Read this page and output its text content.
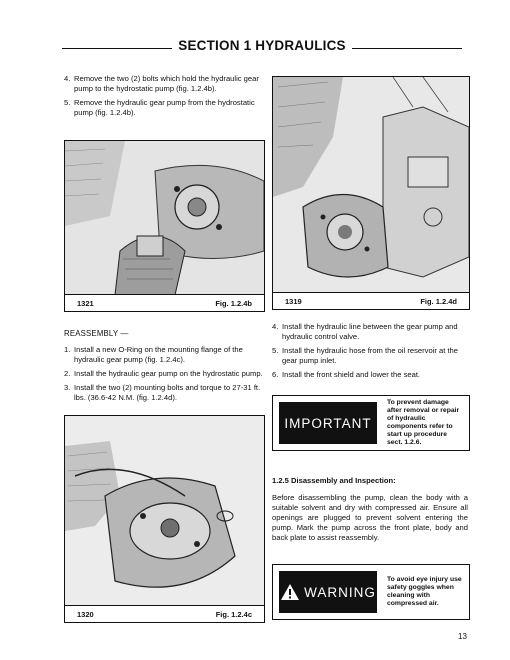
SECTION 1 HYDRAULICS
4. Remove the two (2) bolts which hold the hydraulic gear pump to the hydrostatic pump (fig. 1.2.4b).
5. Remove the hydraulic gear pump from the hydrostatic pump (fig. 1.2.4b).
1321	Fig. 1.2.4b	1319	Fig. 1.2.4d
REASSEMBLY —
1. Install a new O-Ring on the mounting flange of the hydraulic gear pump (fig. 1.2.4c).
2. Install the hydraulic gear pump on the hydrostatic pump.
3. Install the two (2) mounting bolts and torque to 27-31 ft. lbs. (36.6-42 N.M. (fig. 1.2.4d).
4. Install the hydraulic line between the gear pump and hydraulic control valve.
5. Install the hydraulic hose from the oil reservoir at the gear pump inlet.
6. Install the front shield and lower the seat.
IMPORTANT
To prevent damage after removal or repair of hydraulic components refer to start up procedure sect. 1.2.6.
1.2.5 Disassembly and Inspection:
Before disassembling the pump, clean the body with a suitable solvent and dry with compressed air. Ensure all openings are plugged to prevent solvent entering the pump. Mark the pump across the front plate, body and back plate to assist reassembly.
1320	Fig. 1.2.4c
WARNING
To avoid eye injury use safety goggles when cleaning with compressed air.
13
